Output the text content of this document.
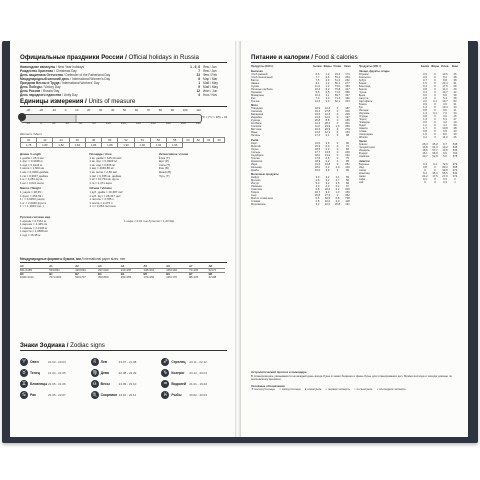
Официальные праздники России / Official holidays in Russia
Новогодние каникулы / New Year holidays	1 - 6, 8 Янв / Jan
Рождество Христово / Christmas Day	7 Янв / Jan
День защитника Отечества / Defender of the Fatherland Day	23 Фев / Feb
Международный женский день / International Women's Day	8 Мар / Mar
Праздник Весны и Труда / International Workers' Day	1 Май / May
День Победы / Victory Day	9 Май / May
День России / Russia Day	12 Июн / Jun
День народного единства / Unity Day	4 Ноя / Nov
Единицы измерения / Units of measure
-30	-20	-10	0	10	20	30	40	50	60	70	80	90	100	110
°F = (°C × 9/5) + 32
-20	0	20	40	60	80	100	120	140	160	180	200	220
Women's / Men's
40	42	44	46	48	50	52	54	56	58	60	62	64	66
1,78	1,80	1,82	1,84	1,86	1,88	1,90	1,92	1,94	1,96				
Длина / Length
1 дюйм = 25,4 мм
1 фут = 0,3048 м
1 ярд = 0,9144 м
1 миля = 1,609 км
1 мм = 0,0394 дюйма
1 см = 0,3937 дюйма
1 м = 3,281 фута
1 км = 0,621 мили
Масса / Weight
1 унция = 28,35 г
1 фунт = 453,59 г
1 г = 0,0353 унции
1 кг = 2,2046 фунта
1 т = 1,1023 кор. т
Площадь / Area
1 кв. дюйм = 645,16 мм²
1 кв. фут = 0,0929 м²
1 кв. ярд = 0,836 м²
1 акр = 4046,86 м²
1 кв. миля = 2,59 км²
1 см² = 0,155 кв. дюйма
1 м² = 10,764 кв. фута
1 га = 2,471 акра
Объём / Volume
1 куб. дюйм = 16,387 см³
1 куб. фут = 28,317 дм³
1 галлон = 3,785 л
1 пинта = 0,473 л
1 л = 0,264 галлона
Интенсивное чтение
Ёлка (Т)
Щит (Р)
Сила (Т)
Фон (Б)
Шкаф (Б)
Путь (Т)
Русская система мер
1 аршин = 0,7112 м
1 вершок = 4,445 см
1 сажень = 2,1336 м
1 верста = 1,0668 км
1 пуд = 16,38 кг
1 кофе = 0,01 тыс.бутылок = 1,23 бар
Международные форматы бумаги, мм / International paper sizes, mm
A0	A1	A2	A3	A4	A5	A6	A7	A8
841×1189	594×841	420×594	297×420	210×297	148×210	105×148	74×105	52×74
B0	B1	B2	B3	B4	B5	B6	B7	B8
1000×1414	707×1000	500×707	353×500	250×353	176×250	125×176	88×125	62×88
Знаки Зодиака / Zodiac signs
♈	Овен	21.03 - 20.04	♌	Лев	23.07 - 21.08	♐	Стрелец	23.11 - 22.12
♉	Телец	21.04 - 21.05	♍	Дева	22.08 - 23.09	♑	Козерог	23.12 - 20.01
♊	Близнецы 22.05 - 21.06	♎	Весы	24.09 - 23.10	♒	Водолей	21.01 - 19.02
♋	Рак	22.06 - 22.07	♏	Скорпион 24.10 - 22.11	♓	Рыбы	20.02 - 20.03
Питание и калории / Food & calories
Продукты (100 г)	Белки	Жиры	Углев.	Ккал
Выпечка				
Хлеб ржаной	6,6	1,2	33,4	174
Хлеб пшеничный	7,7	2,4	53,4	264
Батон	7,5	2,9	51,4	262
Лаваш	9,1	1,2	56,1	277
Сушки	11,0	1,3	73,0	366
Печенье сдобное	10,4	5,2	76,8	417
Пряники	5,8	6,5	71,6	366
Макароны	10,4	1,1	69,7	337
Рис	7,0	1,0	71,4	330
Гречка	12,6	3,3	62,1	313
Мясо				
Говядина	18,9	12,4	0	187
Свинина	16,4	27,8	0	316
Баранина	15,6	16,3	0	209
Индейка	21,6	12,0	0	197
Курица	20,8	8,8	0	165
Колбаса	12,2	28,2	0	301
Сосиски	11,0	23,9	1,6	266
Ветчина	22,6	20,9	0	279
Язык	13,6	12,1	0	163
Печень	17,4	3,1	0	98
Рыба				
Карп	16,0	3,6	0	96
Минтай	15,9	0,9	0	72
Окунь	18,5	0,9	0	82
Сельдь	17,7	19,5	0	246
Скумбрия	18,0	13,2	0	191
Треска	17,5	0,6	0	75
Креветки	18,9	2,2	0	95
Икра	31,6	13,8	0	251
Кальмар	18,0	2,2	2,0	100
Крабы	16,0	3,6	0	96
Молочные продукты				
Кефир	3,0	3,2	4,1	59
Молоко	2,8	3,2	4,7	58
Йогурт	5,0	3,2	3,5	68
Ряженка	3,0	4,0	4,2	67
Сметана	2,8	20,0	3,2	206
Творог	16,7	9,0	1,3	156
Сыр	26,8	27,3	0	352
Масло сливочное	0,5	82,5	0,8	748
Сливки	2,8	10,0	4,0	118
Мороженое	3,2	10,0	20,8	191
Продукты (100 г)	Белки	Жиры	Углев.	Ккал
Овощи, фрукты, ягоды				
Абрикос	0,9	0	10,5	46
Апельсин	0,9	0	8,4	38
Арбуз	0,7	0	8,8	38
Банан	1,5	0	22,4	91
Виноград	0,4	0	17,5	69
Вишня	0,8	0	11,3	49
Груша	0,4	0	10,7	42
Дыня	0,6	0	9,6	39
Капуста	1,8	0	5,4	28
Картофель	2,0	0,1	19,7	83
Лимон	0,9	0	3,6	31
Лук	1,4	0	10,4	43
Малина	0,8	0	9,0	41
Морковь	1,3	0,1	7,0	33
Огурцы	0,8	0	3,0	15
Перец	1,3	0	5,3	27
Помидор	0,6	0	4,2	19
Редис	1,2	0	4,1	20
Свекла	1,7	0	10,8	48
Слива	0,8	0	9,9	43
Смородина	1,0	0	8,0	40
Яблоко	0,4	0	11,3	46
Орехи				
Арахис	26,3	45,2	9,7	548
Грецкий орех	13,8	61,3	10,2	648
Миндаль	18,6	57,7	13,6	645
Фундук	16,1	66,9	9,9	704
Семечки	20,7	52,9	5,0	578
Напитки				
Варенье	0,3	0,1	72,6	279
Мёд	0,8	0	80,3	308
Сахар	0	0	99,8	374
Шоколад	5,4	35,3	56,5	540
Какао	24,2	17,5	27,9	374
Кофе	0,2	0	0,3	2
Чай	0	0	0,3	1
Астрологический прогноз и календарь
В планировщике указываются на каждый день входа Луны в знаки Зодиака и фазы Луны для планирования дел. Время восхода и захода указано по московскому времени.
Условные обозначения
☀ восход Солнца ☼ заход Солнца ● новолуние ◐ первая четверть ○ полнолуние ◑ последняя четверть
